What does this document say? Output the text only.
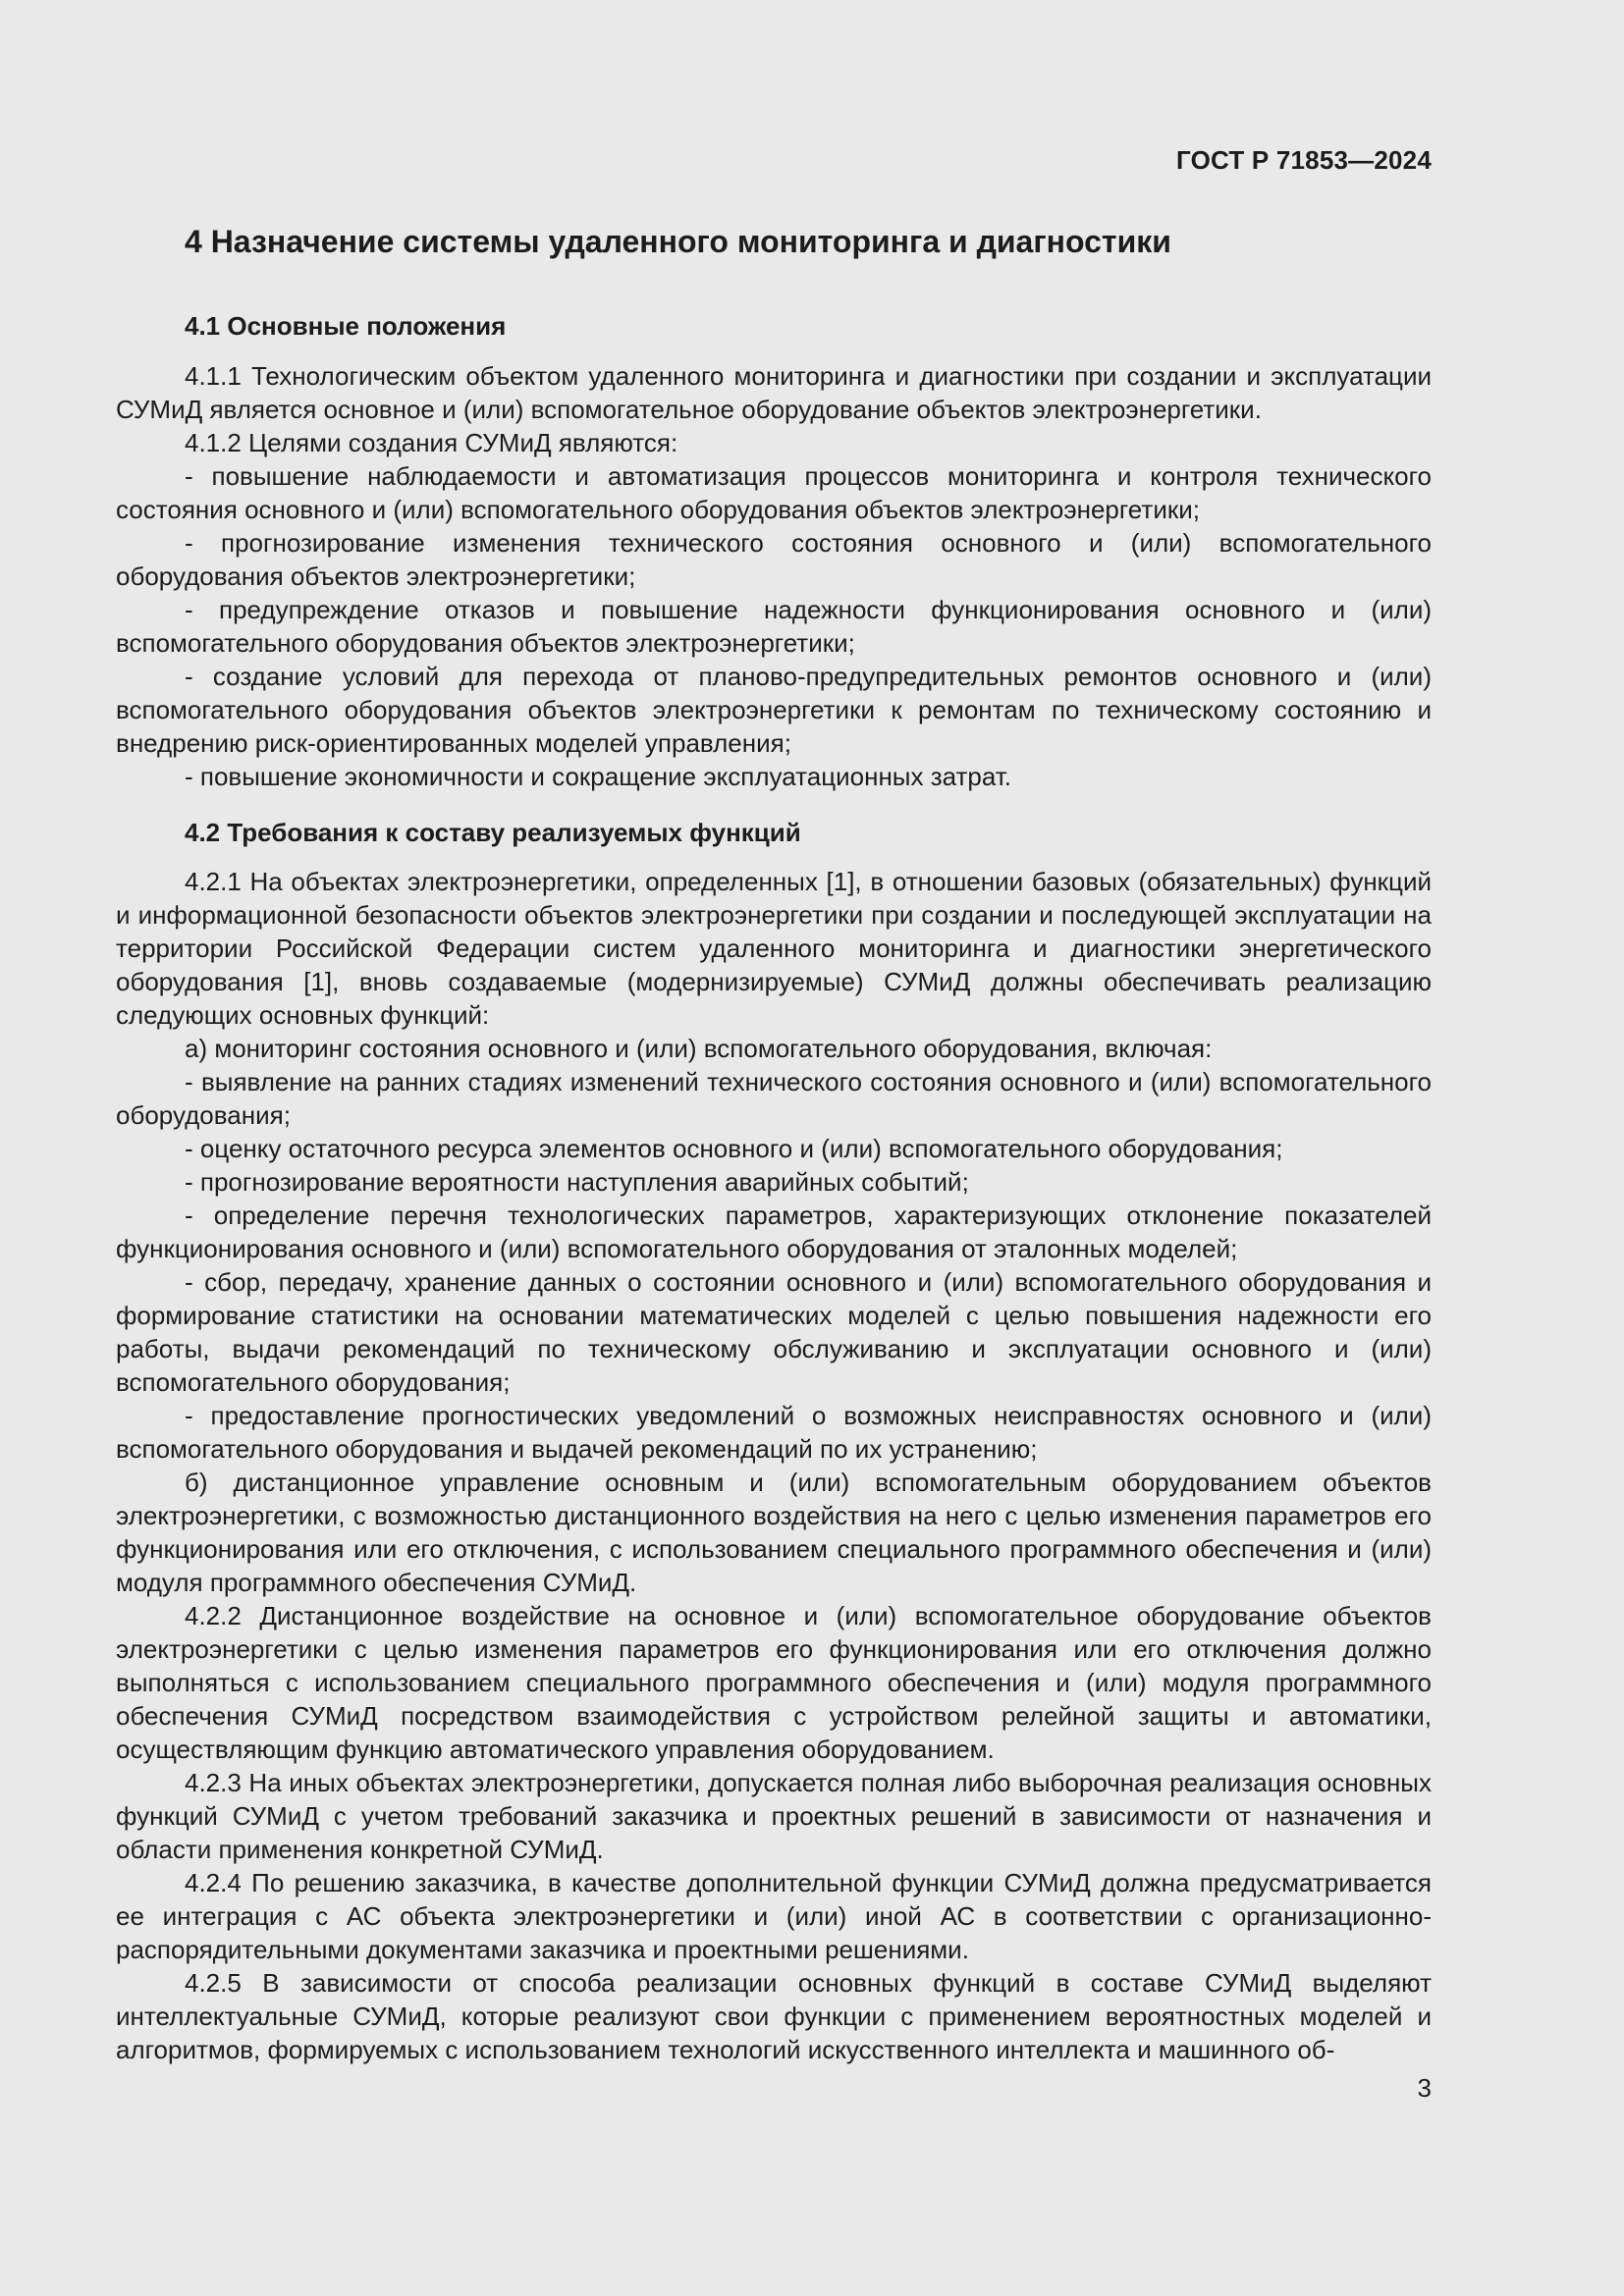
ГОСТ Р 71853—2024
4 Назначение системы удаленного мониторинга и диагностики
4.1 Основные положения

4.1.1 Технологическим объектом удаленного мониторинга и диагностики при создании и эксплуатации СУМиД является основное и (или) вспомогательное оборудование объектов электроэнергетики.

4.1.2 Целями создания СУМиД являются:

- повышение наблюдаемости и автоматизация процессов мониторинга и контроля технического состояния основного и (или) вспомогательного оборудования объектов электроэнергетики;

- прогнозирование изменения технического состояния основного и (или) вспомогательного оборудования объектов электроэнергетики;

- предупреждение отказов и повышение надежности функционирования основного и (или) вспомогательного оборудования объектов электроэнергетики;

- создание условий для перехода от планово-предупредительных ремонтов основного и (или) вспомогательного оборудования объектов электроэнергетики к ремонтам по техническому состоянию и внедрению риск-ориентированных моделей управления;

- повышение экономичности и сокращение эксплуатационных затрат.

4.2 Требования к составу реализуемых функций

4.2.1 На объектах электроэнергетики, определенных [1], в отношении базовых (обязательных) функций и информационной безопасности объектов электроэнергетики при создании и последующей эксплуатации на территории Российской Федерации систем удаленного мониторинга и диагностики энергетического оборудования [1], вновь создаваемые (модернизируемые) СУМиД должны обеспечивать реализацию следующих основных функций:

а) мониторинг состояния основного и (или) вспомогательного оборудования, включая:

- выявление на ранних стадиях изменений технического состояния основного и (или) вспомогательного оборудования;

- оценку остаточного ресурса элементов основного и (или) вспомогательного оборудования;

- прогнозирование вероятности наступления аварийных событий;

- определение перечня технологических параметров, характеризующих отклонение показателей функционирования основного и (или) вспомогательного оборудования от эталонных моделей;

- сбор, передачу, хранение данных о состоянии основного и (или) вспомогательного оборудования и формирование статистики на основании математических моделей с целью повышения надежности его работы, выдачи рекомендаций по техническому обслуживанию и эксплуатации основного и (или) вспомогательного оборудования;

- предоставление прогностических уведомлений о возможных неисправностях основного и (или) вспомогательного оборудования и выдачей рекомендаций по их устранению;

б) дистанционное управление основным и (или) вспомогательным оборудованием объектов электроэнергетики, с возможностью дистанционного воздействия на него с целью изменения параметров его функционирования или его отключения, с использованием специального программного обеспечения и (или) модуля программного обеспечения СУМиД.

4.2.2 Дистанционное воздействие на основное и (или) вспомогательное оборудование объектов электроэнергетики с целью изменения параметров его функционирования или его отключения должно выполняться с использованием специального программного обеспечения и (или) модуля программного обеспечения СУМиД посредством взаимодействия с устройством релейной защиты и автоматики, осуществляющим функцию автоматического управления оборудованием.

4.2.3 На иных объектах электроэнергетики, допускается полная либо выборочная реализация основных функций СУМиД с учетом требований заказчика и проектных решений в зависимости от назначения и области применения конкретной СУМиД.

4.2.4 По решению заказчика, в качестве дополнительной функции СУМиД должна предусматривается ее интеграция с АС объекта электроэнергетики и (или) иной АС в соответствии с организационно-распорядительными документами заказчика и проектными решениями.

4.2.5 В зависимости от способа реализации основных функций в составе СУМиД выделяют интеллектуальные СУМиД, которые реализуют свои функции с применением вероятностных моделей и алгоритмов, формируемых с использованием технологий искусственного интеллекта и машинного об-

3
